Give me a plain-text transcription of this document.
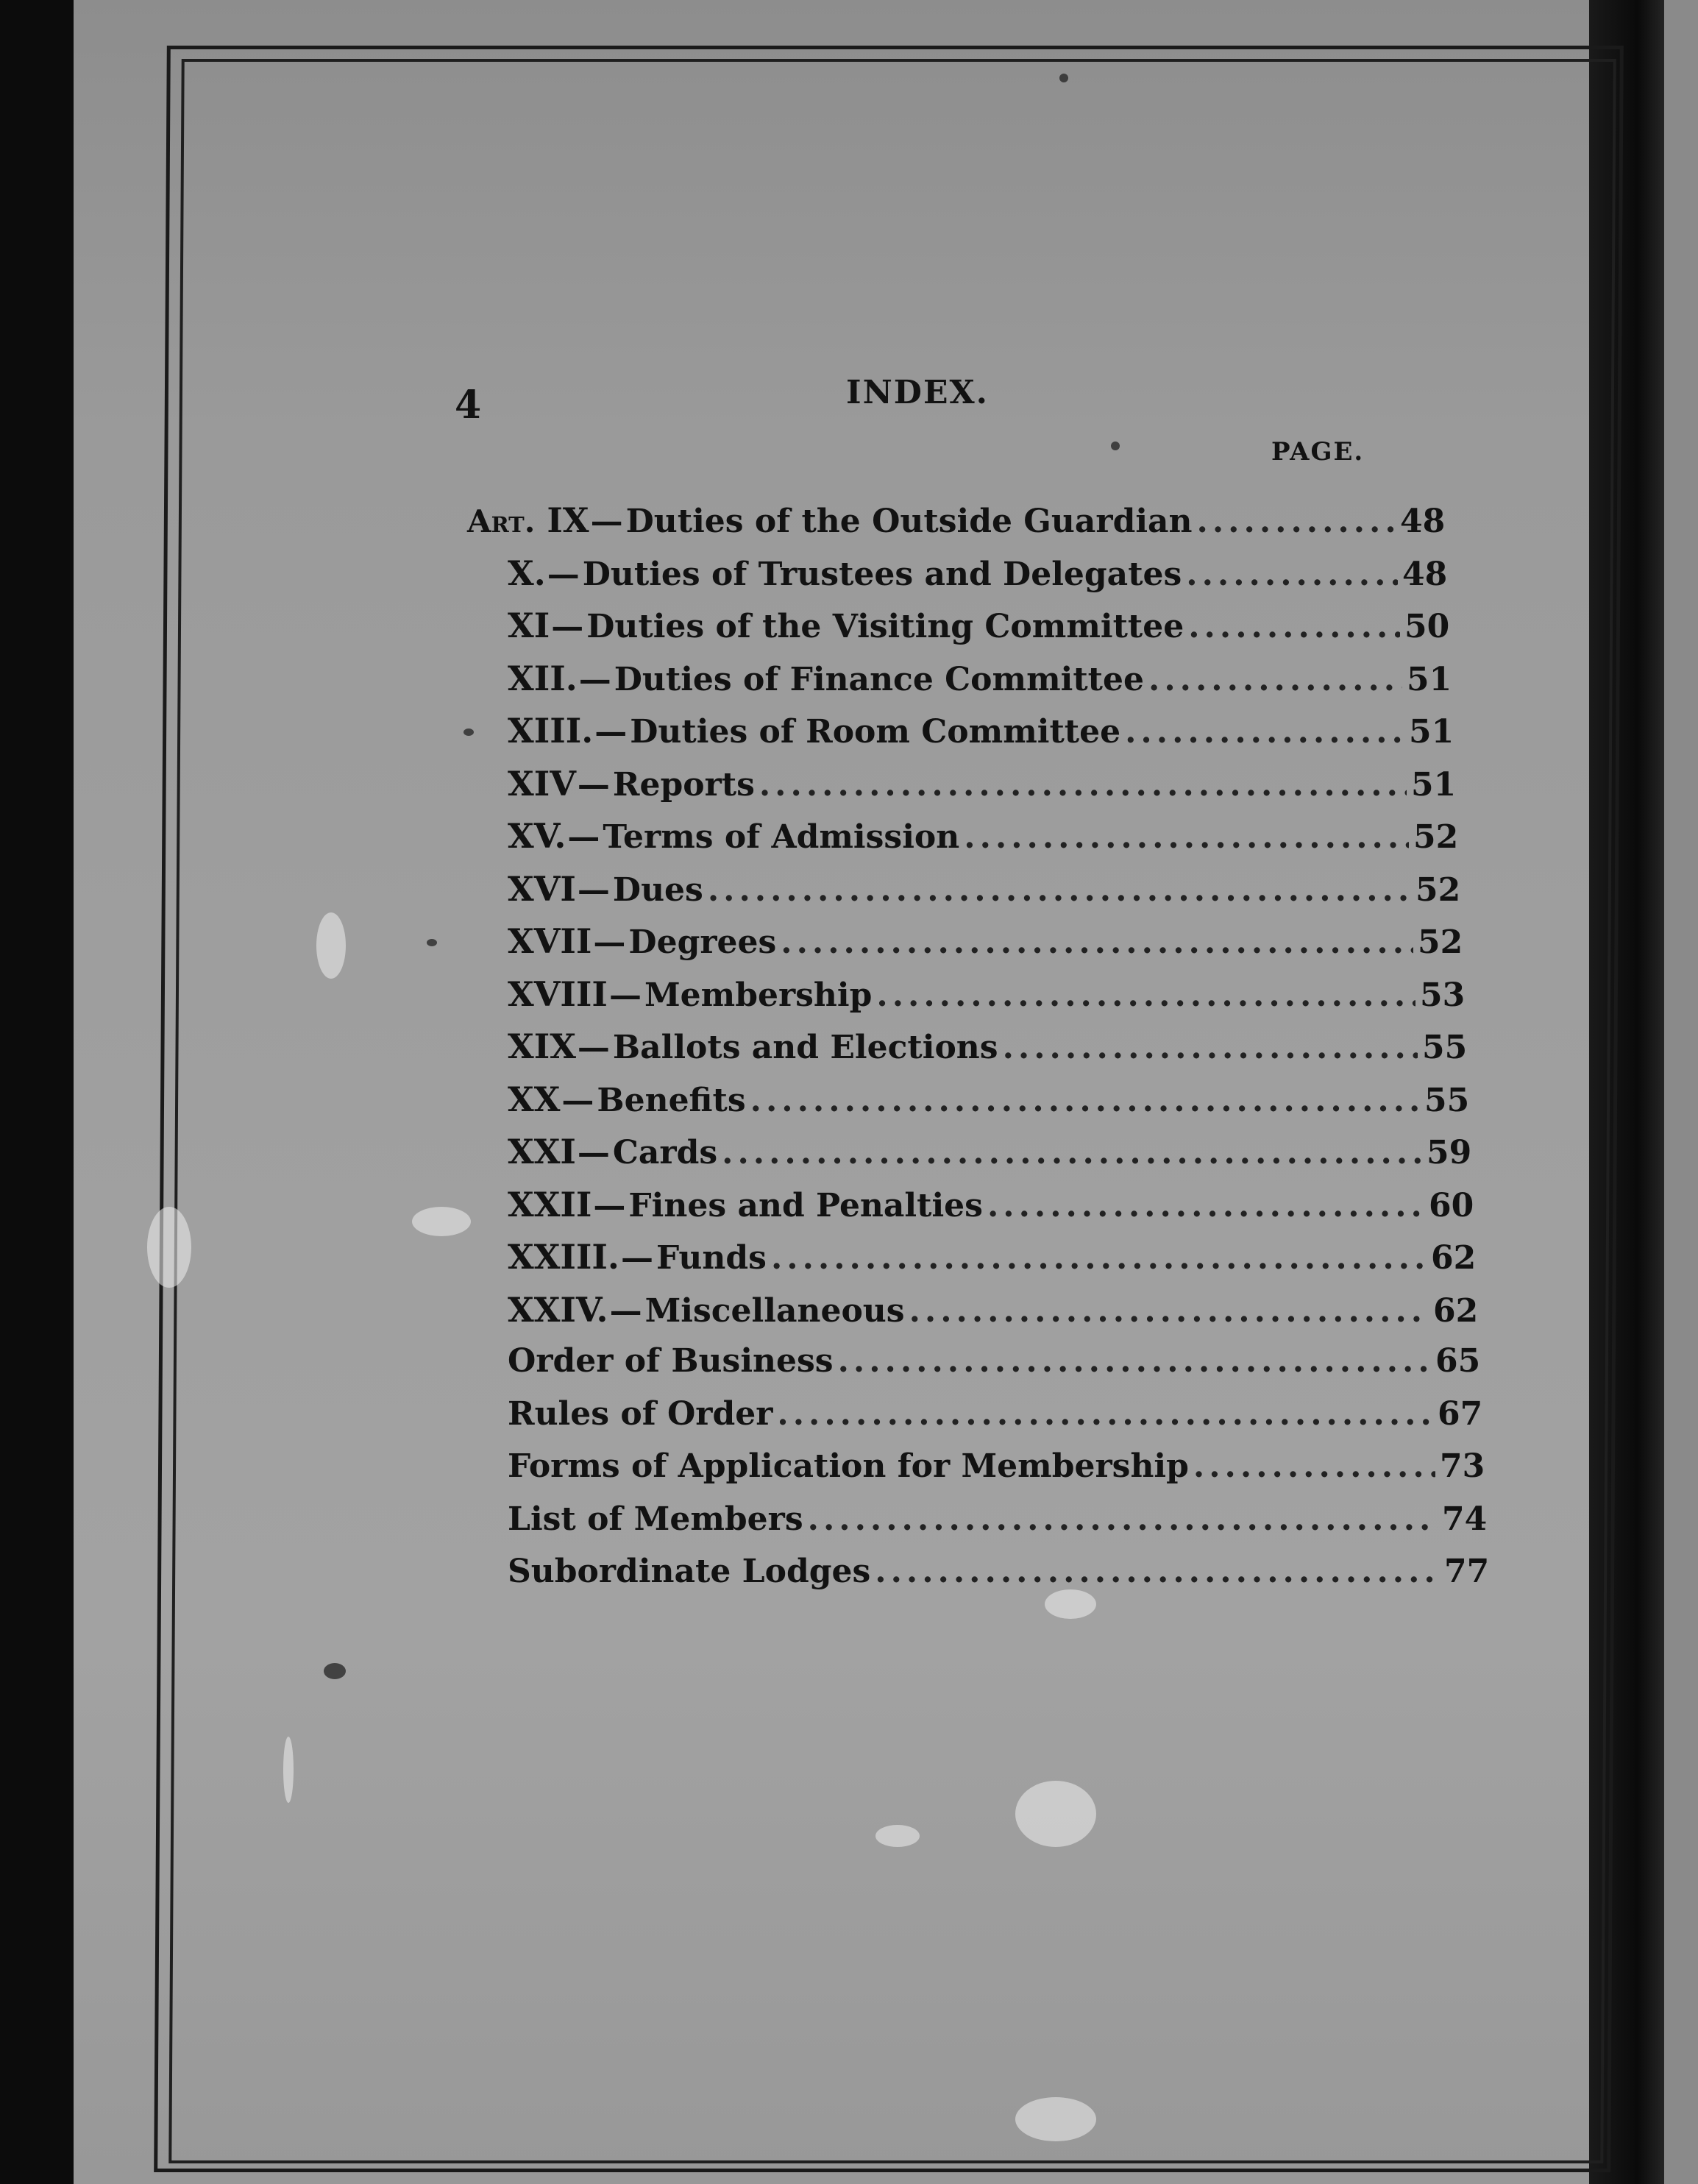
4	INDEX.
PAGE.
Art. IX — Duties of the Outside Guardian .....	48
X. — Duties of Trustees and Delegates .....	48
XI — Duties of the Visiting Committee .....	50
XII. — Duties of Finance Committee .....	51
XIII. — Duties of Room Committee .....	51
XIV — Reports .....	51
XV. — Terms of Admission .....	52
XVI — Dues .....	52
XVII — Degrees .....	52
XVIII — Membership .....	53
XIX — Ballots and Elections .....	55
XX — Benefits .....	55
XXI — Cards .....	59
XXII — Fines and Penalties .....	60
XXIII. — Funds .....	62
XXIV. — Miscellaneous .....	62
Order of Business .....	65
Rules of Order .....	67
Forms of Application for Membership .....	73
List of Members .....	74
Subordinate Lodges .....	77
